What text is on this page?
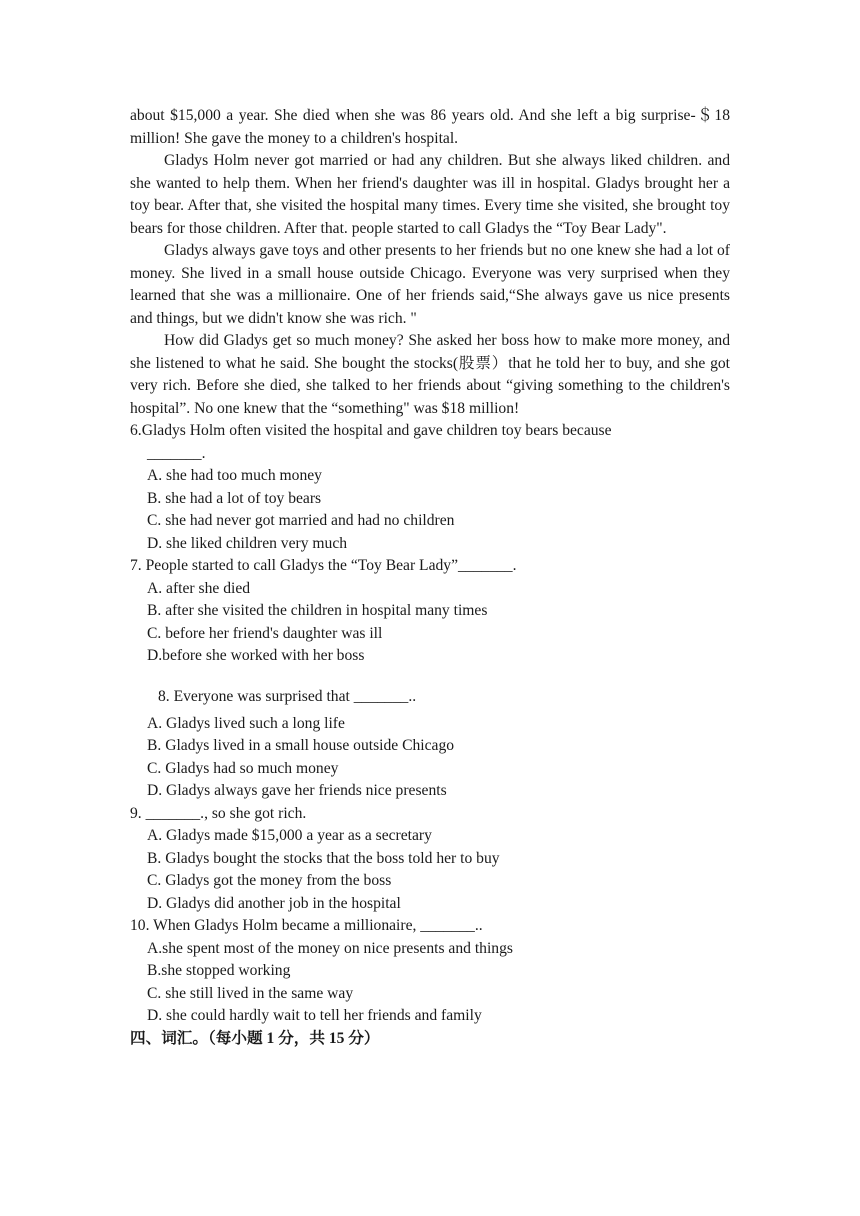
about $15,000 a year. She died when she was 86 years old. And she left a big surprise-＄18 million! She gave the money to a children's hospital.

Gladys Holm never got married or had any children. But she always liked children. and she wanted to help them. When her friend's daughter was ill in hospital. Gladys brought her a toy bear. After that, she visited the hospital many times. Every time she visited, she brought toy bears for those children. After that. people started to call Gladys the “Toy Bear Lady".

Gladys always gave toys and other presents to her friends but no one knew she had a lot of money. She lived in a small house outside Chicago. Everyone was very surprised when they learned that she was a millionaire. One of her friends said,“She always gave us nice presents and things, but we didn't know she was rich. "

How did Gladys get so much money? She asked her boss how to make more money, and she listened to what he said. She bought the stocks(股票）that he told her to buy, and she got very rich. Before she died, she talked to her friends about “giving something to the children's hospital”. No one knew that the “something" was $18 million!

6.Gladys Holm often visited the hospital and gave children toy bears because
_______.

A. she had too much money

B. she had a lot of toy bears

C. she had never got married and had no children

D. she liked children very much

7. People started to call Gladys the “Toy Bear Lady”_______.

A. after she died

B. after she visited the children in hospital many times

C. before her friend's daughter was ill

D.before she worked with her boss

8. Everyone was surprised that _______..

A. Gladys lived such a long life

B. Gladys lived in a small house outside Chicago

C. Gladys had so much money

D. Gladys always gave her friends nice presents

9. _______., so she got rich.

A. Gladys made $15,000 a year as a secretary

B. Gladys bought the stocks that the boss told her to buy

C. Gladys got the money from the boss

D. Gladys did another job in the hospital

10. When Gladys Holm became a millionaire, _______..

A.she spent most of the money on nice presents and things

B.she stopped working

C. she still lived in the same way

D. she could hardly wait to tell her friends and family

四、词汇。（每小题 1 分，共 15 分）
